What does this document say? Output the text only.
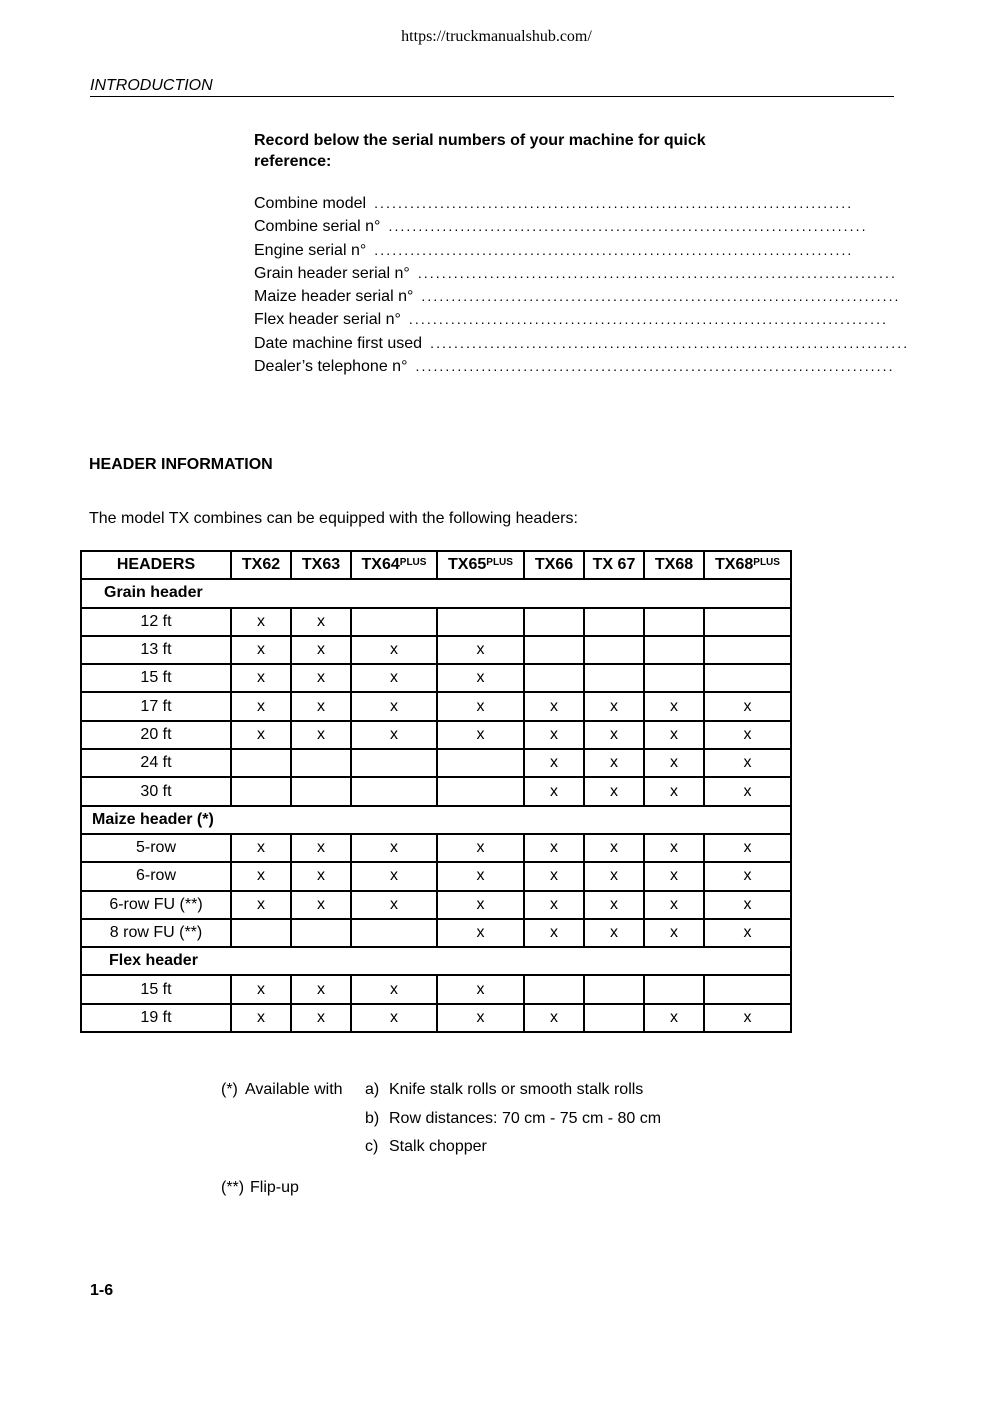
https://truckmanualshub.com/
INTRODUCTION

Record below the serial numbers of your machine for quick reference:

Combine model ................................................................................
Combine serial n° ................................................................................
Engine serial n° ................................................................................
Grain header serial n° ................................................................................
Maize header serial n° ................................................................................
Flex header serial n° ................................................................................
Date machine first used ................................................................................
Dealer’s telephone n° ................................................................................
HEADER INFORMATION
The model TX combines can be equipped with the following headers:
HEADERS	TX62	TX63	$TX64^{PLUS}$	$TX65^{PLUS}$	TX66	TX 67	TX68	$TX68^{PLUS}$
Grain header								
12 ft	x	x						
13 ft	x	x	x	x				
15 ft	x	x	x	x				
17 ft	x	x	x	x	x	x	x	x
20 ft	x	x	x	x	x	x	x	x
24 ft					x	x	x	x
30 ft					x	x	x	x
Maize header (*)								
5-row	x	x	x	x	x	x	x	x
6-row	x	x	x	x	x	x	x	x
6-row FU (**)	x	x	x	x	x	x	x	x
8 row FU (**)				x	x	x	x	x
Flex header								
15 ft	x	x	x	x				
19 ft	x	x	x	x	x		x	x
(*) Available with a) Knife stalk rolls or smooth stalk rolls
b) Row distances: 70 cm - 75 cm - 80 cm
c) Stalk chopper
(**) Flip-up
1-6
